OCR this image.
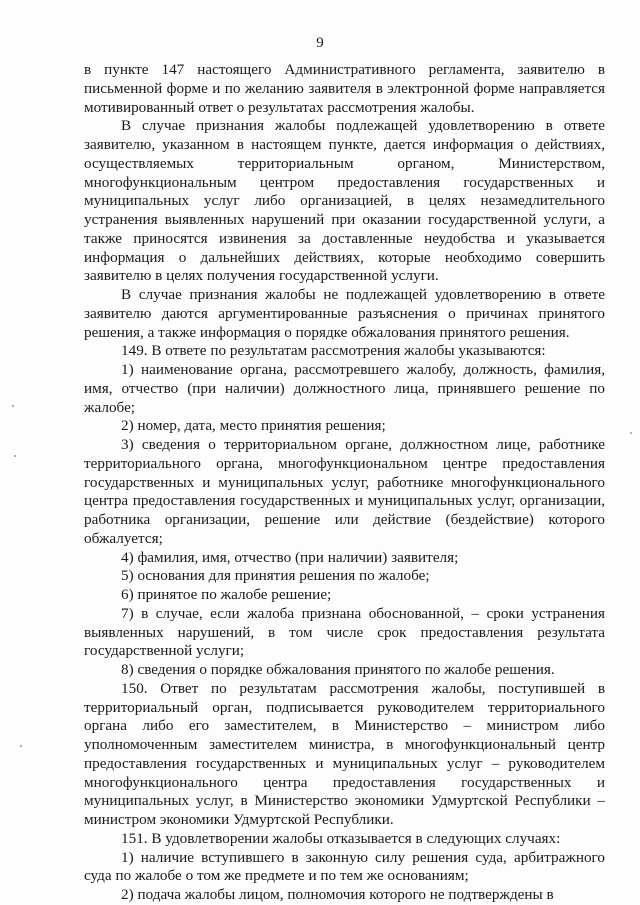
9

в пункте 147 настоящего Административного регламента, заявителю в письменной форме и по желанию заявителя в электронной форме направляется мотивированный ответ о результатах рассмотрения жалобы.

В случае признания жалобы подлежащей удовлетворению в ответе заявителю, указанном в настоящем пункте, дается информация о действиях, осуществляемых территориальным органом, Министерством, многофункциональным центром предоставления государственных и муниципальных услуг либо организацией, в целях незамедлительного устранения выявленных нарушений при оказании государственной услуги, а также приносятся извинения за доставленные неудобства и указывается информация о дальнейших действиях, которые необходимо совершить заявителю в целях получения государственной услуги.

В случае признания жалобы не подлежащей удовлетворению в ответе заявителю даются аргументированные разъяснения о причинах принятого решения, а также информация о порядке обжалования принятого решения.

149. В ответе по результатам рассмотрения жалобы указываются:

1) наименование органа, рассмотревшего жалобу, должность, фамилия, имя, отчество (при наличии) должностного лица, принявшего решение по жалобе;

2) номер, дата, место принятия решения;

3) сведения о территориальном органе, должностном лице, работнике территориального органа, многофункциональном центре предоставления государственных и муниципальных услуг, работнике многофункционального центра предоставления государственных и муниципальных услуг, организации, работника организации, решение или действие (бездействие) которого обжалуется;

4) фамилия, имя, отчество (при наличии) заявителя;

5) основания для принятия решения по жалобе;

6) принятое по жалобе решение;

7) в случае, если жалоба признана обоснованной, – сроки устранения выявленных нарушений, в том числе срок предоставления результата государственной услуги;

8) сведения о порядке обжалования принятого по жалобе решения.

150. Ответ по результатам рассмотрения жалобы, поступившей в территориальный орган, подписывается руководителем территориального органа либо его заместителем, в Министерство – министром либо уполномоченным заместителем министра, в многофункциональный центр предоставления государственных и муниципальных услуг – руководителем многофункционального центра предоставления государственных и муниципальных услуг, в Министерство экономики Удмуртской Республики – министром экономики Удмуртской Республики.

151. В удовлетворении жалобы отказывается в следующих случаях:

1) наличие вступившего в законную силу решения суда, арбитражного суда по жалобе о том же предмете и по тем же основаниям;

2) подача жалобы лицом, полномочия которого не подтверждены в
